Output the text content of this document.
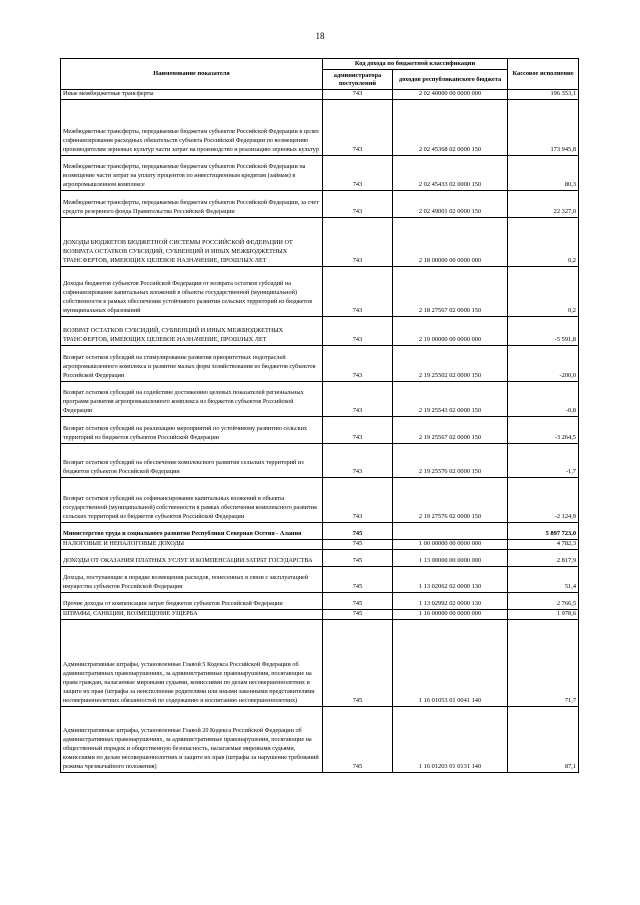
18
Наименование показателя	Код дохода по бюджетной классификации		Кассовое исполнение
	администратора поступлений	доходов республиканского бюджета	
Иные межбюджетные трансферты	743	2 02 40000 00 0000 000	196 353,1
Межбюджетные трансферты, передаваемые бюджетам субъектов Российской Федерации в целях софинансирования расходных обязательств субъекта Российской Федерации по возмещению производителям зерновых культур части затрат на производство и реализацию зерновых культур	743	2 02 45368 02 0000 150	173 945,8
Межбюджетные трансферты, передаваемые бюджетам субъектов Российской Федерации на возмещение части затрат на уплату процентов по инвестиционным кредитам (займам) в агропромышленном комплексе	743	2 02 45433 02 0000 150	80,3
Межбюджетные трансферты, передаваемые бюджетам субъектов Российской Федерации, за счет средств резервного фонда Правительства Российской Федерации	743	2 02 49001 02 0000 150	22 327,0
ДОХОДЫ БЮДЖЕТОВ БЮДЖЕТНОЙ СИСТЕМЫ РОССИЙСКОЙ ФЕДЕРАЦИИ ОТ ВОЗВРАТА ОСТАТКОВ СУБСИДИЙ, СУБВЕНЦИЙ И ИНЫХ МЕЖБЮДЖЕТНЫХ ТРАНСФЕРТОВ, ИМЕЮЩИХ ЦЕЛЕВОЕ НАЗНАЧЕНИЕ, ПРОШЛЫХ ЛЕТ	743	2 18 00000 00 0000 000	0,2
Доходы бюджетов субъектов Российской Федерации от возврата остатков субсидий на софинансирование капитальных вложений в объекты государственной (муниципальной) собственности в рамках обеспечения устойчивого развития сельских территорий из бюджетов муниципальных образований	743	2 18 27567 02 0000 150	0,2
ВОЗВРАТ ОСТАТКОВ СУБСИДИЙ, СУБВЕНЦИЙ И ИНЫХ МЕЖБЮДЖЕТНЫХ ТРАНСФЕРТОВ, ИМЕЮЩИХ ЦЕЛЕВОЕ НАЗНАЧЕНИЕ, ПРОШЛЫХ ЛЕТ	743	2 19 00000 00 0000 000	-5 591,8
Возврат остатков субсидий на стимулирование развития приоритетных подотраслей агропромышленного комплекса и развитие малых форм хозяйствования из бюджетов субъектов Российской Федерации	743	2 19 25502 02 0000 150	-200,0
Возврат остатков субсидий на содействие достижению целевых показателей региональных программ развития агропромышленного комплекса из бюджетов субъектов Российской Федерации	743	2 19 25543 02 0000 150	-0,8
Возврат остатков субсидий на реализацию мероприятий по устойчивому развитию сельских территорий из бюджетов субъектов Российской Федерации	743	2 19 25567 02 0000 150	-3 264,5
Возврат остатков субсидий на обеспечение комплексного развития сельских территорий из бюджетов субъектов Российской Федерации	743	2 19 25576 02 0000 150	-1,7
Возврат остатков субсидий на софинансирование капитальных вложений в объекты государственной (муниципальной) собственности в рамках обеспечения комплексного развития сельских территорий из бюджетов субъектов Российской Федерации	743	2 19 27576 02 0000 150	-2 124,9
Министерство труда и социального развития Республики Северная Осетия - Алания	745		5 897 723,0
НАЛОГОВЫЕ И НЕНАЛОГОВЫЕ ДОХОДЫ	745	1 00 00000 00 0000 000	4 782,3
ДОХОДЫ ОТ ОКАЗАНИЯ ПЛАТНЫХ УСЛУГ И КОМПЕНСАЦИИ ЗАТРАТ ГОСУДАРСТВА	745	1 13 00000 00 0000 000	2 817,9
Доходы, поступающие в порядке возмещения расходов, понесенных в связи с эксплуатацией имущества субъектов Российской Федерации	745	1 13 02062 02 0000 130	51,4
Прочие доходы от компенсации затрат бюджетов субъектов Российской Федерации	745	1 13 02992 02 0000 130	2 766,5
ШТРАФЫ, САНКЦИИ, ВОЗМЕЩЕНИЕ УЩЕРБА	745	1 16 00000 00 0000 000	1 978,6
Административные штрафы, установленные Главой 5 Кодекса Российской Федерации об административных правонарушениях, за административные правонарушения, посягающие на права граждан, налагаемые мировыми судьями, комиссиями по делам несовершеннолетних и защите их прав (штрафы за неисполнение родителями или иными законными представителями несовершеннолетних обязанностей по содержанию и воспитанию несовершеннолетних)	745	1 16 01053 01 0041 140	71,7
Административные штрафы, установленные Главой 20 Кодекса Российской Федерации об административных правонарушениях, за административные правонарушения, посягающие на общественный порядок и общественную безопасность, налагаемые мировыми судьями, комиссиями по делам несовершеннолетних и защите их прав (штрафы за нарушение требований режима чрезвычайного положения)	745	1 16 01203 01 0131 140	87,1
